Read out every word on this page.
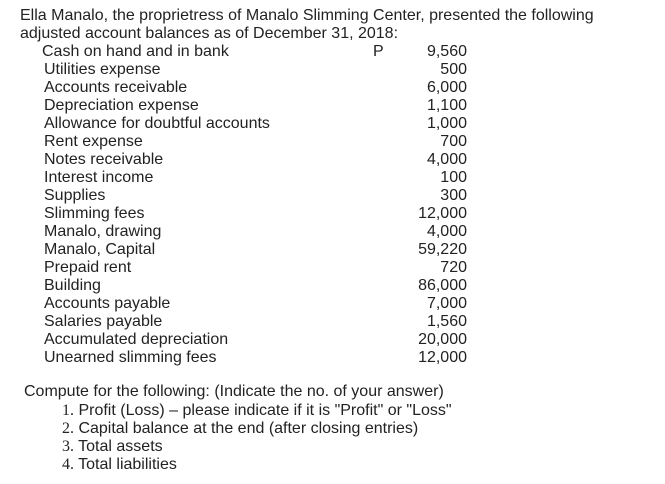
Ella Manalo, the proprietress of Manalo Slimming Center, presented the following
adjusted account balances as of December 31, 2018:
Cash on hand and in bank	P	9,560
Utilities expense	500
Accounts receivable	6,000
Depreciation expense	1,100
Allowance for doubtful accounts	1,000
Rent expense	700
Notes receivable	4,000
Interest income	100
Supplies	300
Slimming fees	12,000
Manalo, drawing	4,000
Manalo, Capital	59,220
Prepaid rent	720
Building	86,000
Accounts payable	7,000
Salaries payable	1,560
Accumulated depreciation	20,000
Unearned slimming fees	12,000
Compute for the following: (Indicate the no. of your answer)
1. Profit (Loss) – please indicate if it is "Profit" or "Loss"
2. Capital balance at the end (after closing entries)
3. Total assets
4. Total liabilities
